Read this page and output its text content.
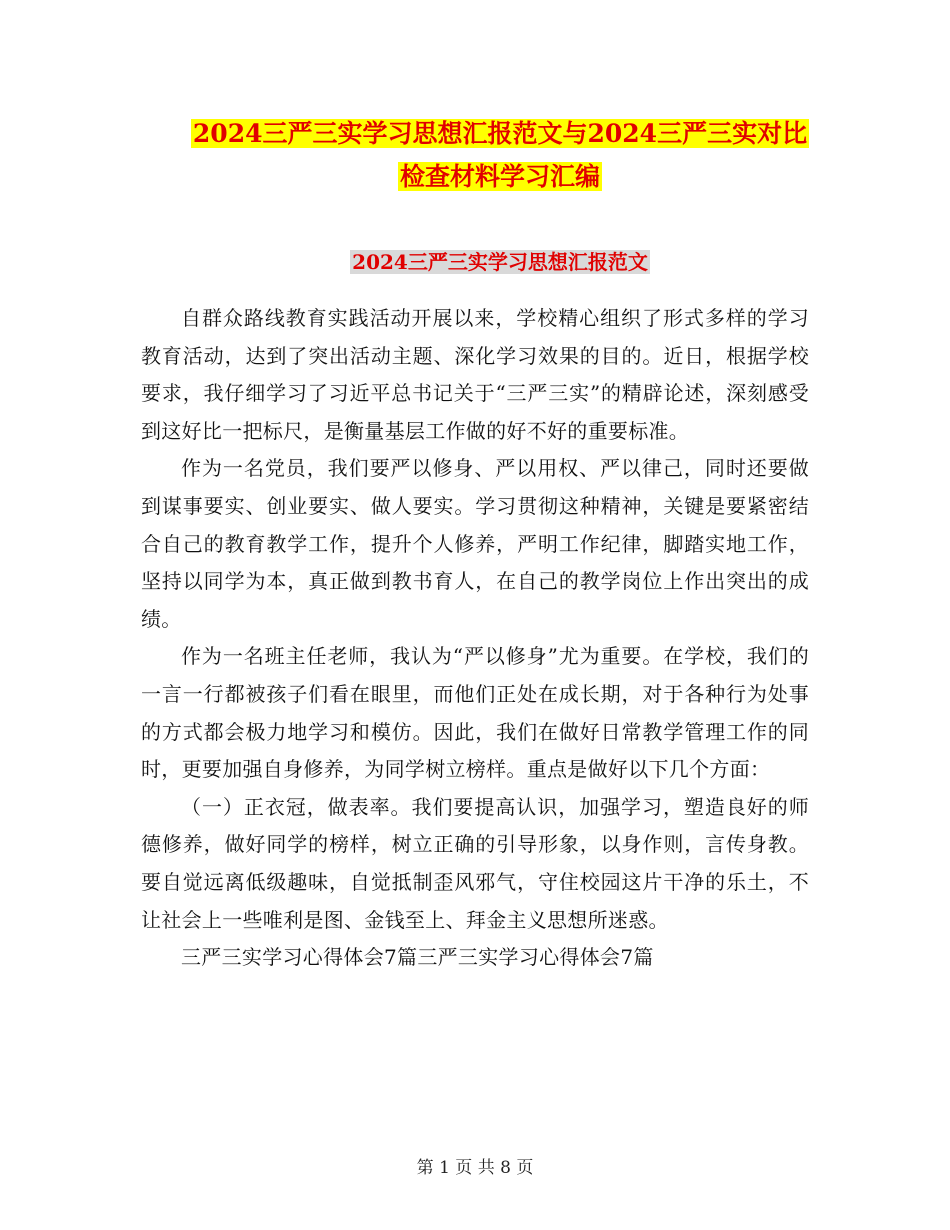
2024三严三实学习思想汇报范文与2024三严三实对比
检查材料学习汇编
2024三严三实学习思想汇报范文

自群众路线教育实践活动开展以来，学校精心组织了形式多样的学习教育活动，达到了突出活动主题、深化学习效果的目的。近日，根据学校要求，我仔细学习了习近平总书记关于“三严三实”的精辟论述，深刻感受到这好比一把标尺，是衡量基层工作做的好不好的重要标准。

作为一名党员，我们要严以修身、严以用权、严以律己，同时还要做到谋事要实、创业要实、做人要实。学习贯彻这种精神，关键是要紧密结合自己的教育教学工作，提升个人修养，严明工作纪律，脚踏实地工作，坚持以同学为本，真正做到教书育人，在自己的教学岗位上作出突出的成绩。

作为一名班主任老师，我认为“严以修身”尤为重要。在学校，我们的一言一行都被孩子们看在眼里，而他们正处在成长期，对于各种行为处事的方式都会极力地学习和模仿。因此，我们在做好日常教学管理工作的同时，更要加强自身修养，为同学树立榜样。重点是做好以下几个方面：

（一）正衣冠，做表率。我们要提高认识，加强学习，塑造良好的师德修养，做好同学的榜样，树立正确的引导形象，以身作则，言传身教。要自觉远离低级趣味，自觉抵制歪风邪气，守住校园这片干净的乐土，不让社会上一些唯利是图、金钱至上、拜金主义思想所迷惑。

三严三实学习心得体会7篇三严三实学习心得体会7篇

第 1 页 共 8 页
